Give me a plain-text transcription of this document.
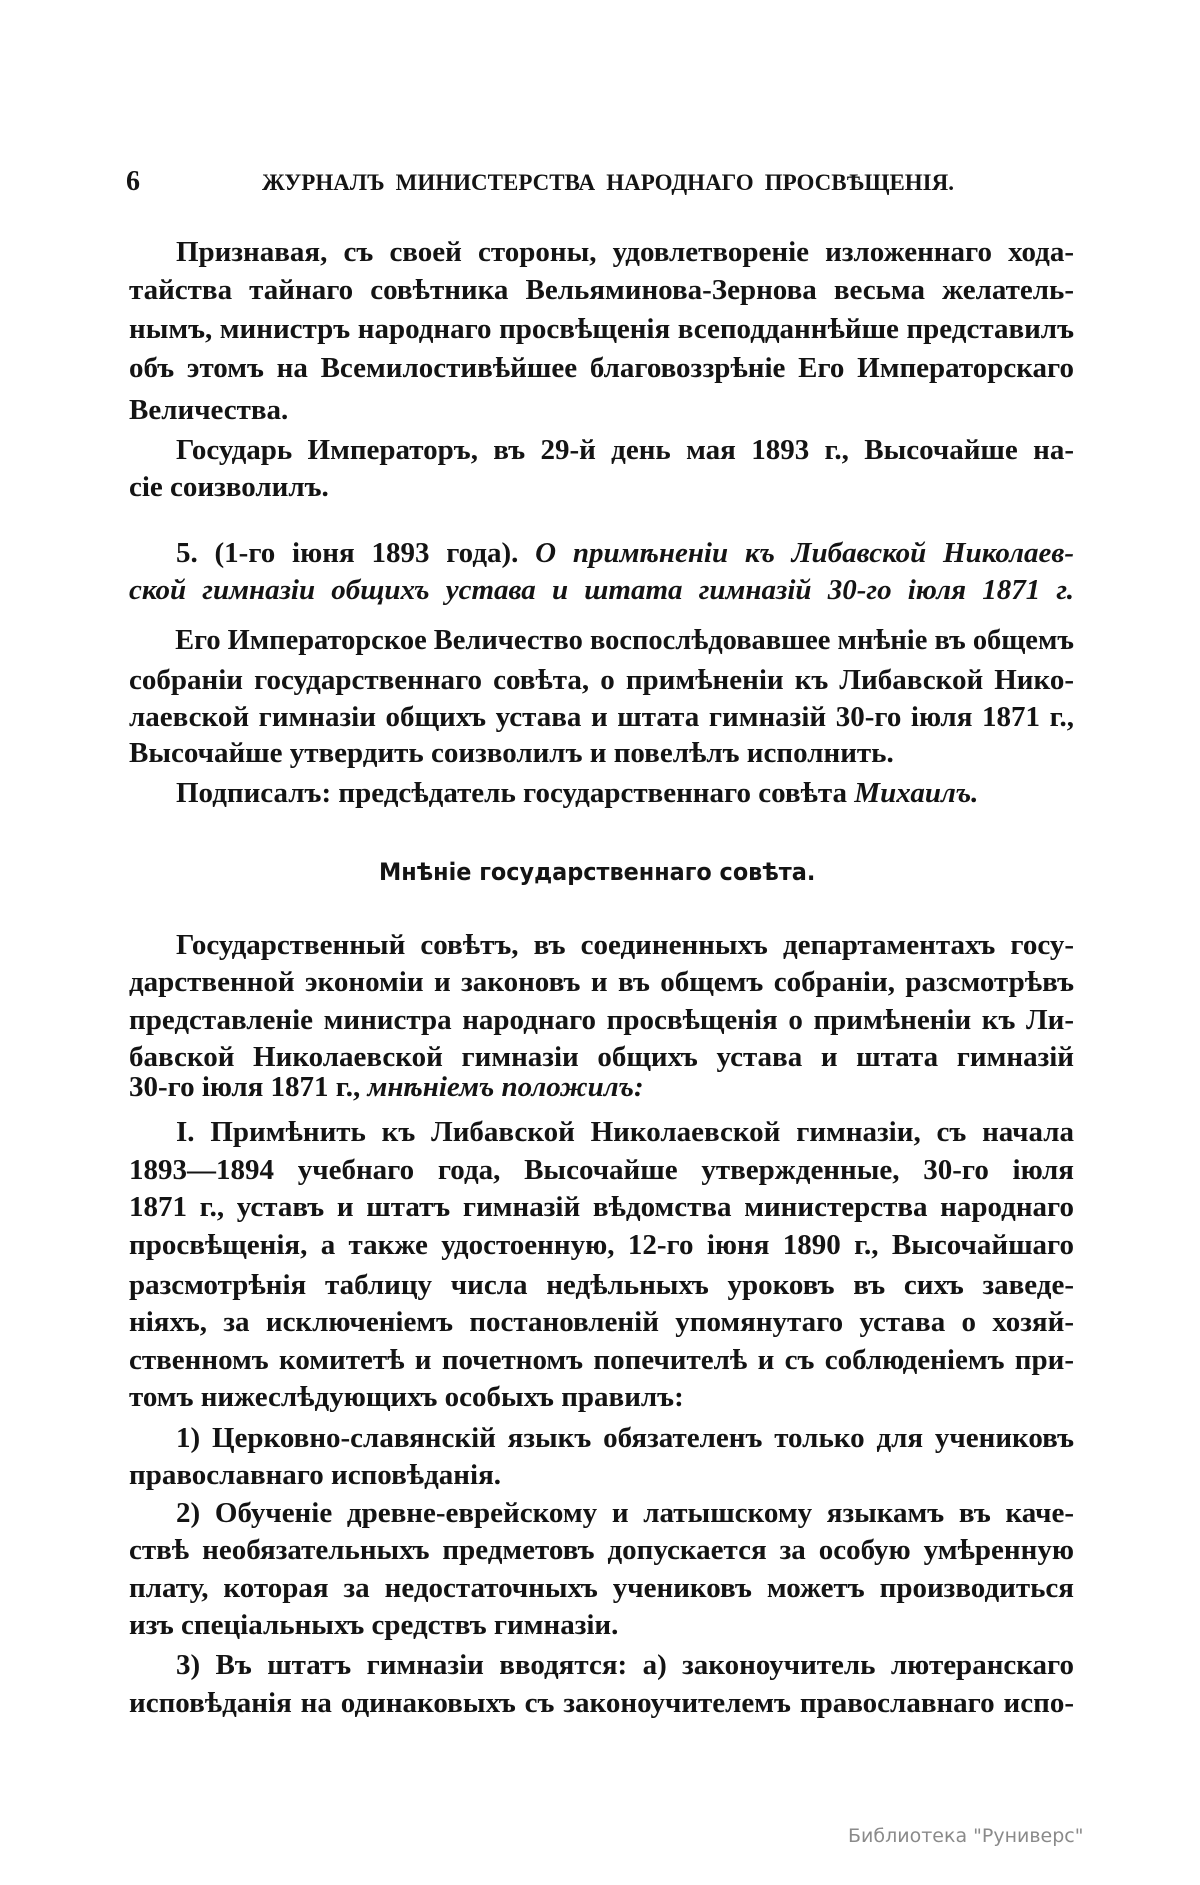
6	ЖУРНАЛЪ МИНИСТЕРСТВА НАРОДНАГО ПРОСВѢЩЕНІЯ.
Признавая, съ своей стороны, удовлетвореніе изложеннаго хода-
тайства тайнаго совѣтника Вельяминова-Зернова весьма желатель-
нымъ, министръ народнаго просвѣщенія всеподданнѣйше представилъ
объ этомъ на Всемилостивѣйшее благовоззрѣніе Его Императорскаго
Величества.
Государь Императоръ, въ 29-й день мая 1893 г., Высочайше на-
сіе соизволилъ.
5. (1-го іюня 1893 года). О примѣненіи къ Либавской Николаев-
ской гимназіи общихъ устава и штата гимназій 30-го іюля 1871 г.
Его Императорское Величество воспослѣдовавшее мнѣніе въ общемъ
собраніи государственнаго совѣта, о примѣненіи къ Либавской Нико-
лаевской гимназіи общихъ устава и штата гимназій 30-го іюля 1871 г.,
Высочайше утвердить соизволилъ и повелѣлъ исполнить.
Подписалъ: предсѣдатель государственнаго совѣта Михаилъ.
Мнѣніе государственнаго совѣта.
Государственный совѣтъ, въ соединенныхъ департаментахъ госу-
дарственной экономіи и законовъ и въ общемъ собраніи, разсмотрѣвъ
представленіе министра народнаго просвѣщенія о примѣненіи къ Ли-
бавской Николаевской гимназіи общихъ устава и штата гимназій
30-го іюля 1871 г., мнѣніемъ положилъ:
I. Примѣнить къ Либавской Николаевской гимназіи, съ начала
1893—1894 учебнаго года, Высочайше утвержденные, 30-го іюля
1871 г., уставъ и штатъ гимназій вѣдомства министерства народнаго
просвѣщенія, а также удостоенную, 12-го іюня 1890 г., Высочайшаго
разсмотрѣнія таблицу числа недѣльныхъ уроковъ въ сихъ заведе-
ніяхъ, за исключеніемъ постановленій упомянутаго устава о хозяй-
ственномъ комитетѣ и почетномъ попечителѣ и съ соблюденіемъ при-
томъ нижеслѣдующихъ особыхъ правилъ:
1) Церковно-славянскій языкъ обязателенъ только для учениковъ
православнаго исповѣданія.
2) Обученіе древне-еврейскому и латышскому языкамъ въ каче-
ствѣ необязательныхъ предметовъ допускается за особую умѣренную
плату, которая за недостаточныхъ учениковъ можетъ производиться
изъ спеціальныхъ средствъ гимназіи.
3) Въ штатъ гимназіи вводятся: а) законоучитель лютеранскаго
исповѣданія на одинаковыхъ съ законоучителемъ православнаго испо-
Библиотека "Руниверс"
